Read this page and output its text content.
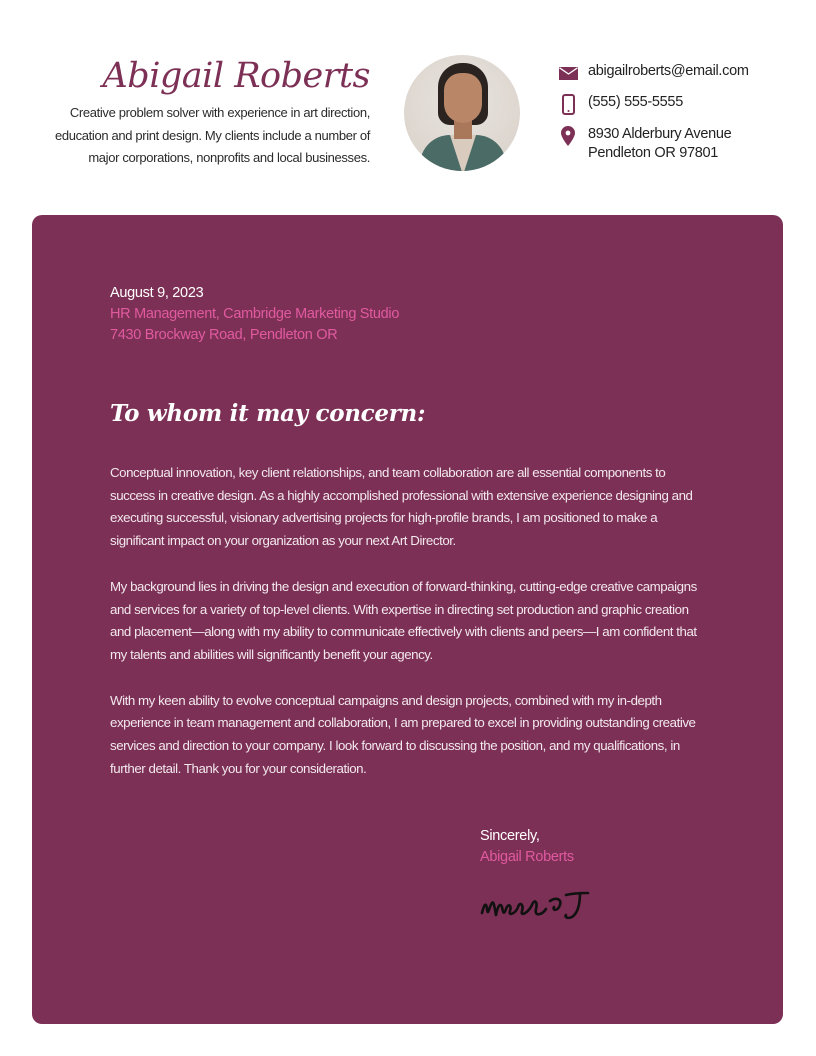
Abigail Roberts
Creative problem solver with experience in art direction, education and print design. My clients include a number of major corporations, nonprofits and local businesses.
abigailroberts@email.com
(555) 555-5555
8930 Alderbury Avenue
Pendleton OR 97801
August 9, 2023
HR Management, Cambridge Marketing Studio
7430 Brockway Road, Pendleton OR
To whom it may concern:

Conceptual innovation, key client relationships, and team collaboration are all essential components to success in creative design. As a highly accomplished professional with extensive experience designing and executing successful, visionary advertising projects for high-profile brands, I am positioned to make a significant impact on your organization as your next Art Director.

My background lies in driving the design and execution of forward-thinking, cutting-edge creative campaigns and services for a variety of top-level clients. With expertise in directing set production and graphic creation and placement—along with my ability to communicate effectively with clients and peers—I am confident that my talents and abilities will significantly benefit your agency.

With my keen ability to evolve conceptual campaigns and design projects, combined with my in-depth experience in team management and collaboration, I am prepared to excel in providing outstanding creative services and direction to your company. I look forward to discussing the position, and my qualifications, in further detail. Thank you for your consideration.

Sincerely,
Abigail Roberts
